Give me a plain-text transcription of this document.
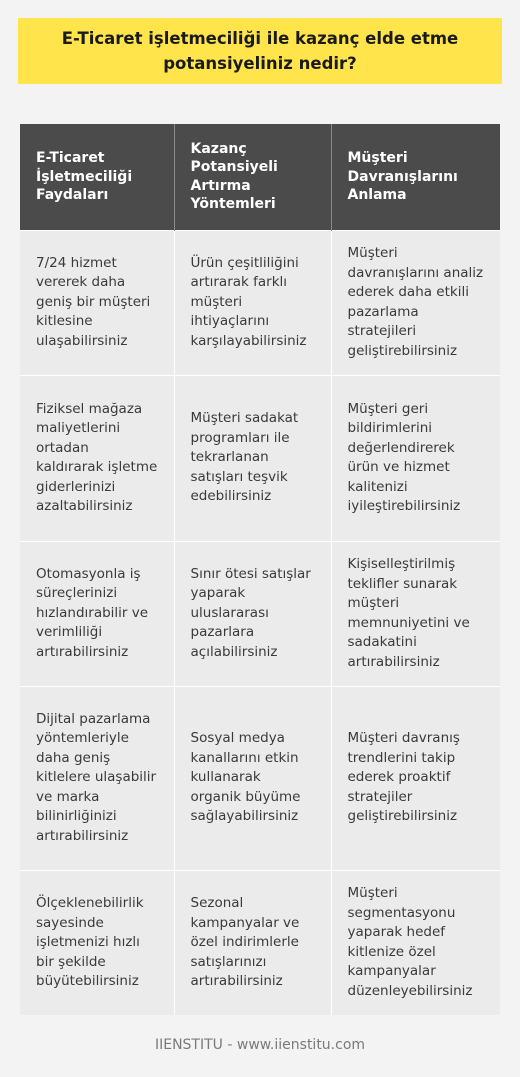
E-Ticaret işletmeciliği ile kazanç elde etme potansiyeliniz nedir?
E-Ticaret İşletmeciliği Faydaları	Kazanç Potansiyeli Artırma Yöntemleri	Müşteri Davranışlarını Anlama
7/24 hizmet vererek daha geniş bir müşteri kitlesine ulaşabilirsiniz	Ürün çeşitliliğini artırarak farklı müşteri ihtiyaçlarını karşılayabilirsiniz	Müşteri davranışlarını analiz ederek daha etkili pazarlama stratejileri geliştirebilirsiniz
Fiziksel mağaza maliyetlerini ortadan kaldırarak işletme giderlerinizi azaltabilirsiniz	Müşteri sadakat programları ile tekrarlanan satışları teşvik edebilirsiniz	Müşteri geri bildirimlerini değerlendirerek ürün ve hizmet kalitenizi iyileştirebilirsiniz
Otomasyonla iş süreçlerinizi hızlandırabilir ve verimliliği artırabilirsiniz	Sınır ötesi satışlar yaparak uluslararası pazarlara açılabilirsiniz	Kişiselleştirilmiş teklifler sunarak müşteri memnuniyetini ve sadakatini artırabilirsiniz
Dijital pazarlama yöntemleriyle daha geniş kitlelere ulaşabilir ve marka bilinirliğinizi artırabilirsiniz	Sosyal medya kanallarını etkin kullanarak organik büyüme sağlayabilirsiniz	Müşteri davranış trendlerini takip ederek proaktif stratejiler geliştirebilirsiniz
Ölçeklenebilirlik sayesinde işletmenizi hızlı bir şekilde büyütebilirsiniz	Sezonal kampanyalar ve özel indirimlerle satışlarınızı artırabilirsiniz	Müşteri segmentasyonu yaparak hedef kitlenize özel kampanyalar düzenleyebilirsiniz
IIENSTITU - www.iienstitu.com
